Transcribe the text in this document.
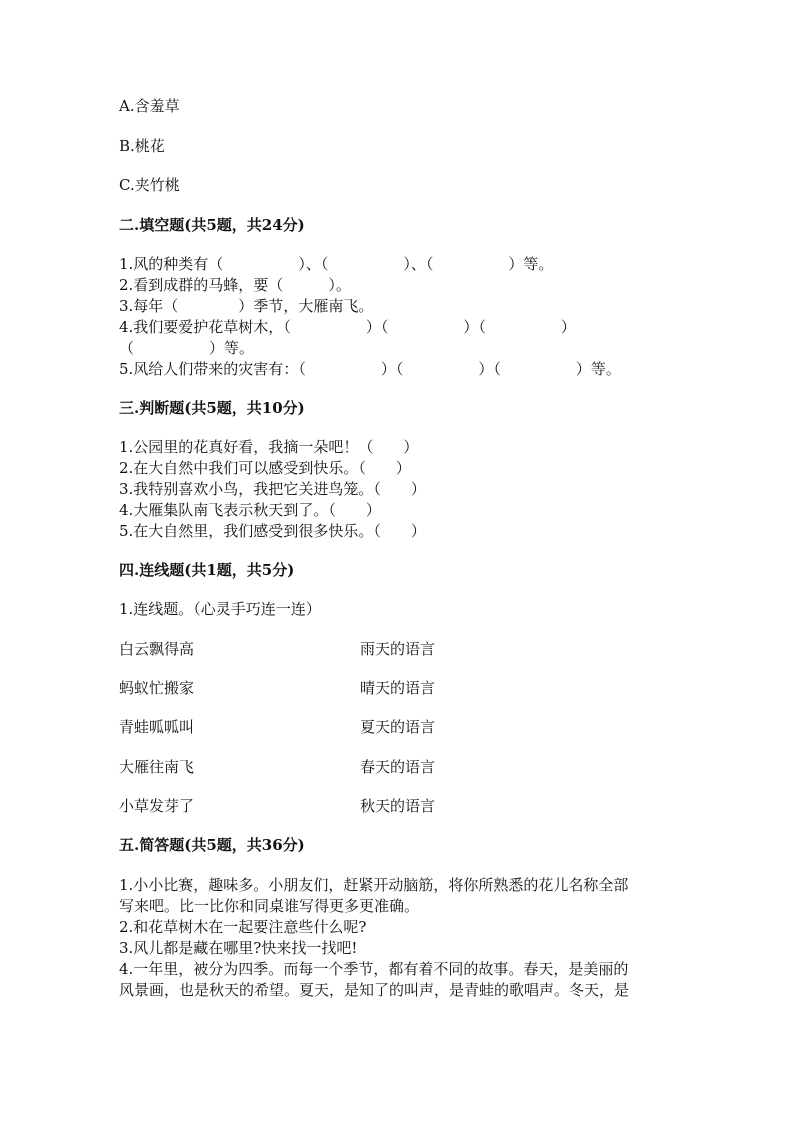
A.含羞草
B.桃花
C.夹竹桃
二.填空题(共5题，共24分)
1.风的种类有（　　　　　）、（　　　　　）、（　　　　　）等。
2.看到成群的马蜂，要（　　　）。
3.每年（　　　　）季节，大雁南飞。
4.我们要爱护花草树木，（　　　　　）（　　　　　）（　　　　　）
（　　　　　）等。
5.风给人们带来的灾害有：（　　　　　）（　　　　　）（　　　　　）等。
三.判断题(共5题，共10分)
1.公园里的花真好看，我摘一朵吧！（　　）
2.在大自然中我们可以感受到快乐。（　　）
3.我特别喜欢小鸟，我把它关进鸟笼。（　　）
4.大雁集队南飞表示秋天到了。（　　）
5.在大自然里，我们感受到很多快乐。（　　）
四.连线题(共1题，共5分)
1.连线题。（心灵手巧连一连）
白云飘得高	雨天的语言
蚂蚁忙搬家	晴天的语言
青蛙呱呱叫	夏天的语言
大雁往南飞	春天的语言
小草发芽了	秋天的语言
五.简答题(共5题，共36分)
1.小小比赛，趣味多。小朋友们，赶紧开动脑筋，将你所熟悉的花儿名称全部
写来吧。比一比你和同桌谁写得更多更准确。
2.和花草树木在一起要注意些什么呢?
3.风儿都是藏在哪里?快来找一找吧!
4.一年里，被分为四季。而每一个季节，都有着不同的故事。春天，是美丽的
风景画，也是秋天的希望。夏天，是知了的叫声，是青蛙的歌唱声。冬天，是
